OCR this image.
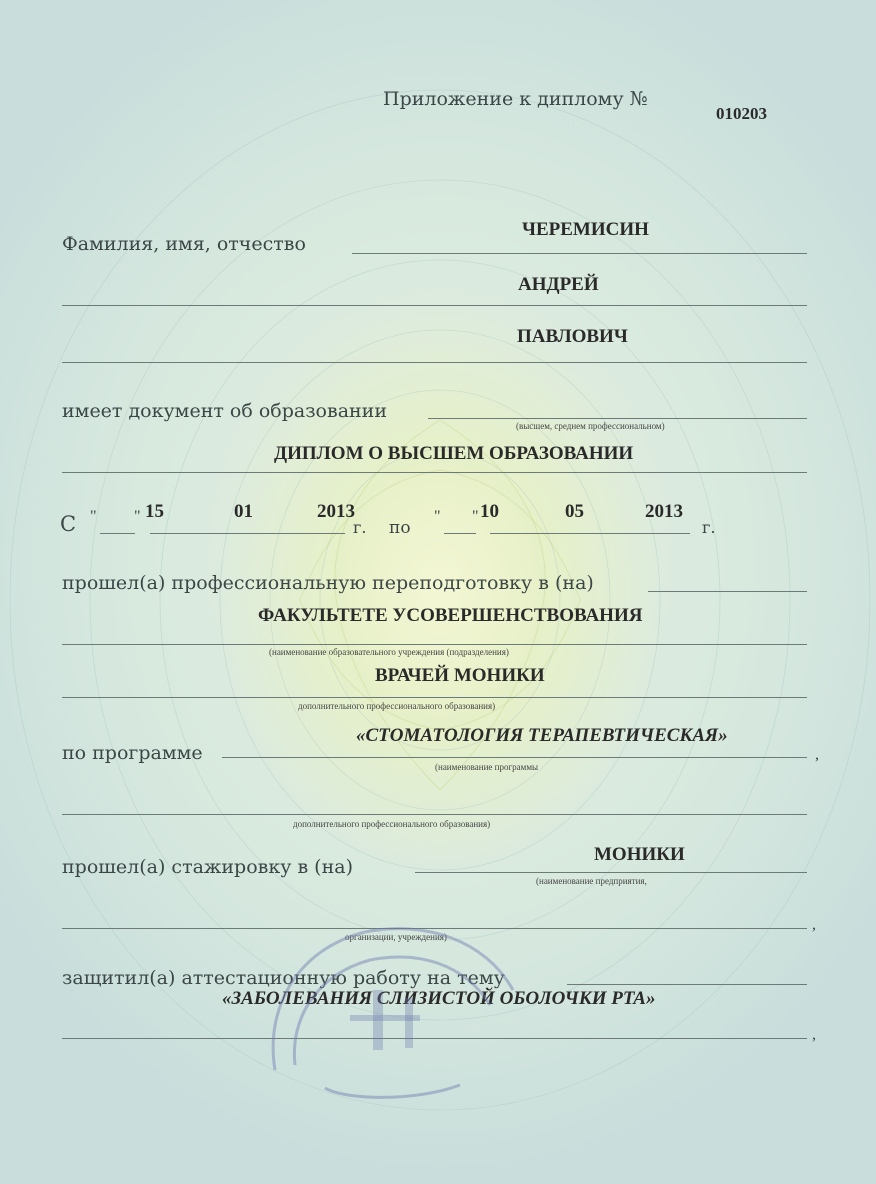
Приложение к диплому №
010203
Фамилия, имя, отчество
ЧЕРЕМИСИН
АНДРЕЙ
ПАВЛОВИЧ
имеет документ об образовании
(высшем, среднем профессиональном)
ДИПЛОМ О ВЫСШЕМ ОБРАЗОВАНИИ
С " " 15	01	2013
г. по
" " 10	05	2013
г.
прошел(а) профессиональную переподготовку в (на)
ФАКУЛЬТЕТЕ УСОВЕРШЕНСТВОВАНИЯ
(наименование образовательного учреждения (подразделения)
ВРАЧЕЙ МОНИКИ
дополнительного профессионального образования)
по программе
«СТОМАТОЛОГИЯ ТЕРАПЕВТИЧЕСКАЯ»
,
(наименование программы
дополнительного профессионального образования)
прошел(а) стажировку в (на)
МОНИКИ
(наименование предприятия,
,
организации, учреждения)
защитил(а) аттестационную работу на тему
«ЗАБОЛЕВАНИЯ СЛИЗИСТОЙ ОБОЛОЧКИ РТА»
,
